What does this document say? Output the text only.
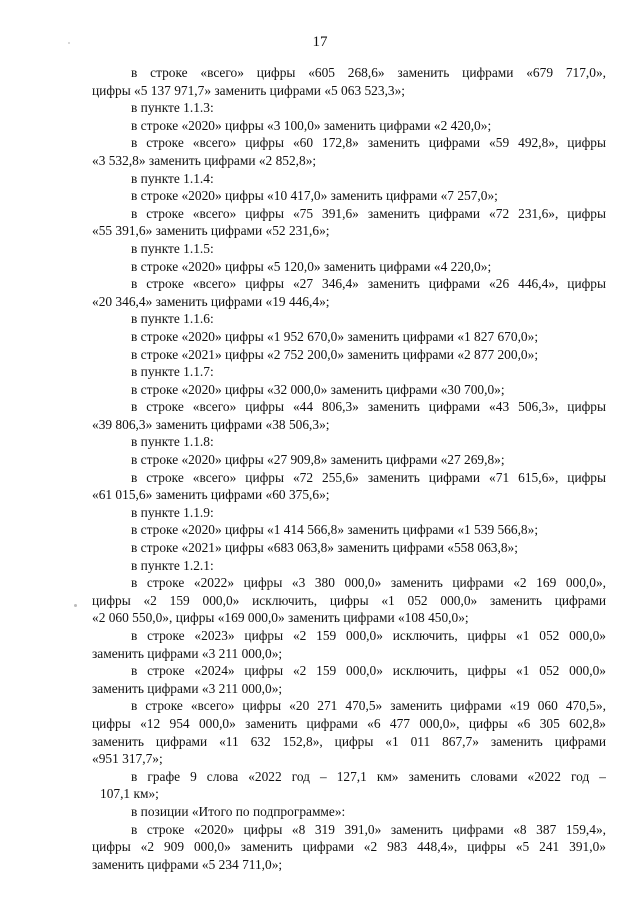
17
в строке «всего» цифры «605 268,6» заменить цифрами «679 717,0»,
цифры «5 137 971,7» заменить цифрами «5 063 523,3»;
в пункте 1.1.3:
в строке «2020» цифры «3 100,0» заменить цифрами «2 420,0»;
в строке «всего» цифры «60 172,8» заменить цифрами «59 492,8», цифры
«3 532,8» заменить цифрами «2 852,8»;
в пункте 1.1.4:
в строке «2020» цифры «10 417,0» заменить цифрами «7 257,0»;
в строке «всего» цифры «75 391,6» заменить цифрами «72 231,6», цифры
«55 391,6» заменить цифрами «52 231,6»;
в пункте 1.1.5:
в строке «2020» цифры «5 120,0» заменить цифрами «4 220,0»;
в строке «всего» цифры «27 346,4» заменить цифрами «26 446,4», цифры
«20 346,4» заменить цифрами «19 446,4»;
в пункте 1.1.6:
в строке «2020» цифры «1 952 670,0» заменить цифрами «1 827 670,0»;
в строке «2021» цифры «2 752 200,0» заменить цифрами «2 877 200,0»;
в пункте 1.1.7:
в строке «2020» цифры «32 000,0» заменить цифрами «30 700,0»;
в строке «всего» цифры «44 806,3» заменить цифрами «43 506,3», цифры
«39 806,3» заменить цифрами «38 506,3»;
в пункте 1.1.8:
в строке «2020» цифры «27 909,8» заменить цифрами «27 269,8»;
в строке «всего» цифры «72 255,6» заменить цифрами «71 615,6», цифры
«61 015,6» заменить цифрами «60 375,6»;
в пункте 1.1.9:
в строке «2020» цифры «1 414 566,8» заменить цифрами «1 539 566,8»;
в строке «2021» цифры «683 063,8» заменить цифрами «558 063,8»;
в пункте 1.2.1:
в строке «2022» цифры «3 380 000,0» заменить цифрами «2 169 000,0»,
цифры «2 159 000,0» исключить, цифры «1 052 000,0» заменить цифрами
«2 060 550,0», цифры «169 000,0» заменить цифрами «108 450,0»;
в строке «2023» цифры «2 159 000,0» исключить, цифры «1 052 000,0»
заменить цифрами «3 211 000,0»;
в строке «2024» цифры «2 159 000,0» исключить, цифры «1 052 000,0»
заменить цифрами «3 211 000,0»;
в строке «всего» цифры «20 271 470,5» заменить цифрами «19 060 470,5»,
цифры «12 954 000,0» заменить цифрами «6 477 000,0», цифры «6 305 602,8»
заменить цифрами «11 632 152,8», цифры «1 011 867,7» заменить цифрами
«951 317,7»;
в графе 9 слова «2022 год – 127,1 км» заменить словами «2022 год –
107,1 км»;
в позиции «Итого по подпрограмме»:
в строке «2020» цифры «8 319 391,0» заменить цифрами «8 387 159,4»,
цифры «2 909 000,0» заменить цифрами «2 983 448,4», цифры «5 241 391,0»
заменить цифрами «5 234 711,0»;
